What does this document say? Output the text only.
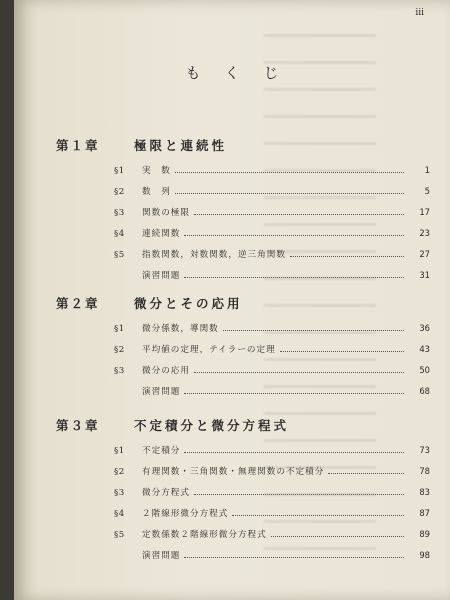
iii
もくじ
第１章	極限と連続性
§1	実　数	1
§2	数　列	5
§3	関数の極限	17
§4	連続関数	23
§5	指数関数，対数関数，逆三角関数	27
演習問題	31
第２章	微分とその応用
§1	微分係数，導関数	36
§2	平均値の定理，テイラーの定理	43
§3	微分の応用	50
演習問題	68
第３章	不定積分と微分方程式
§1	不定積分	73
§2	有理関数・三角関数・無理関数の不定積分	78
§3	微分方程式	83
§4	２階線形微分方程式	87
§5	定数係数２階線形微分方程式	89
演習問題	98
